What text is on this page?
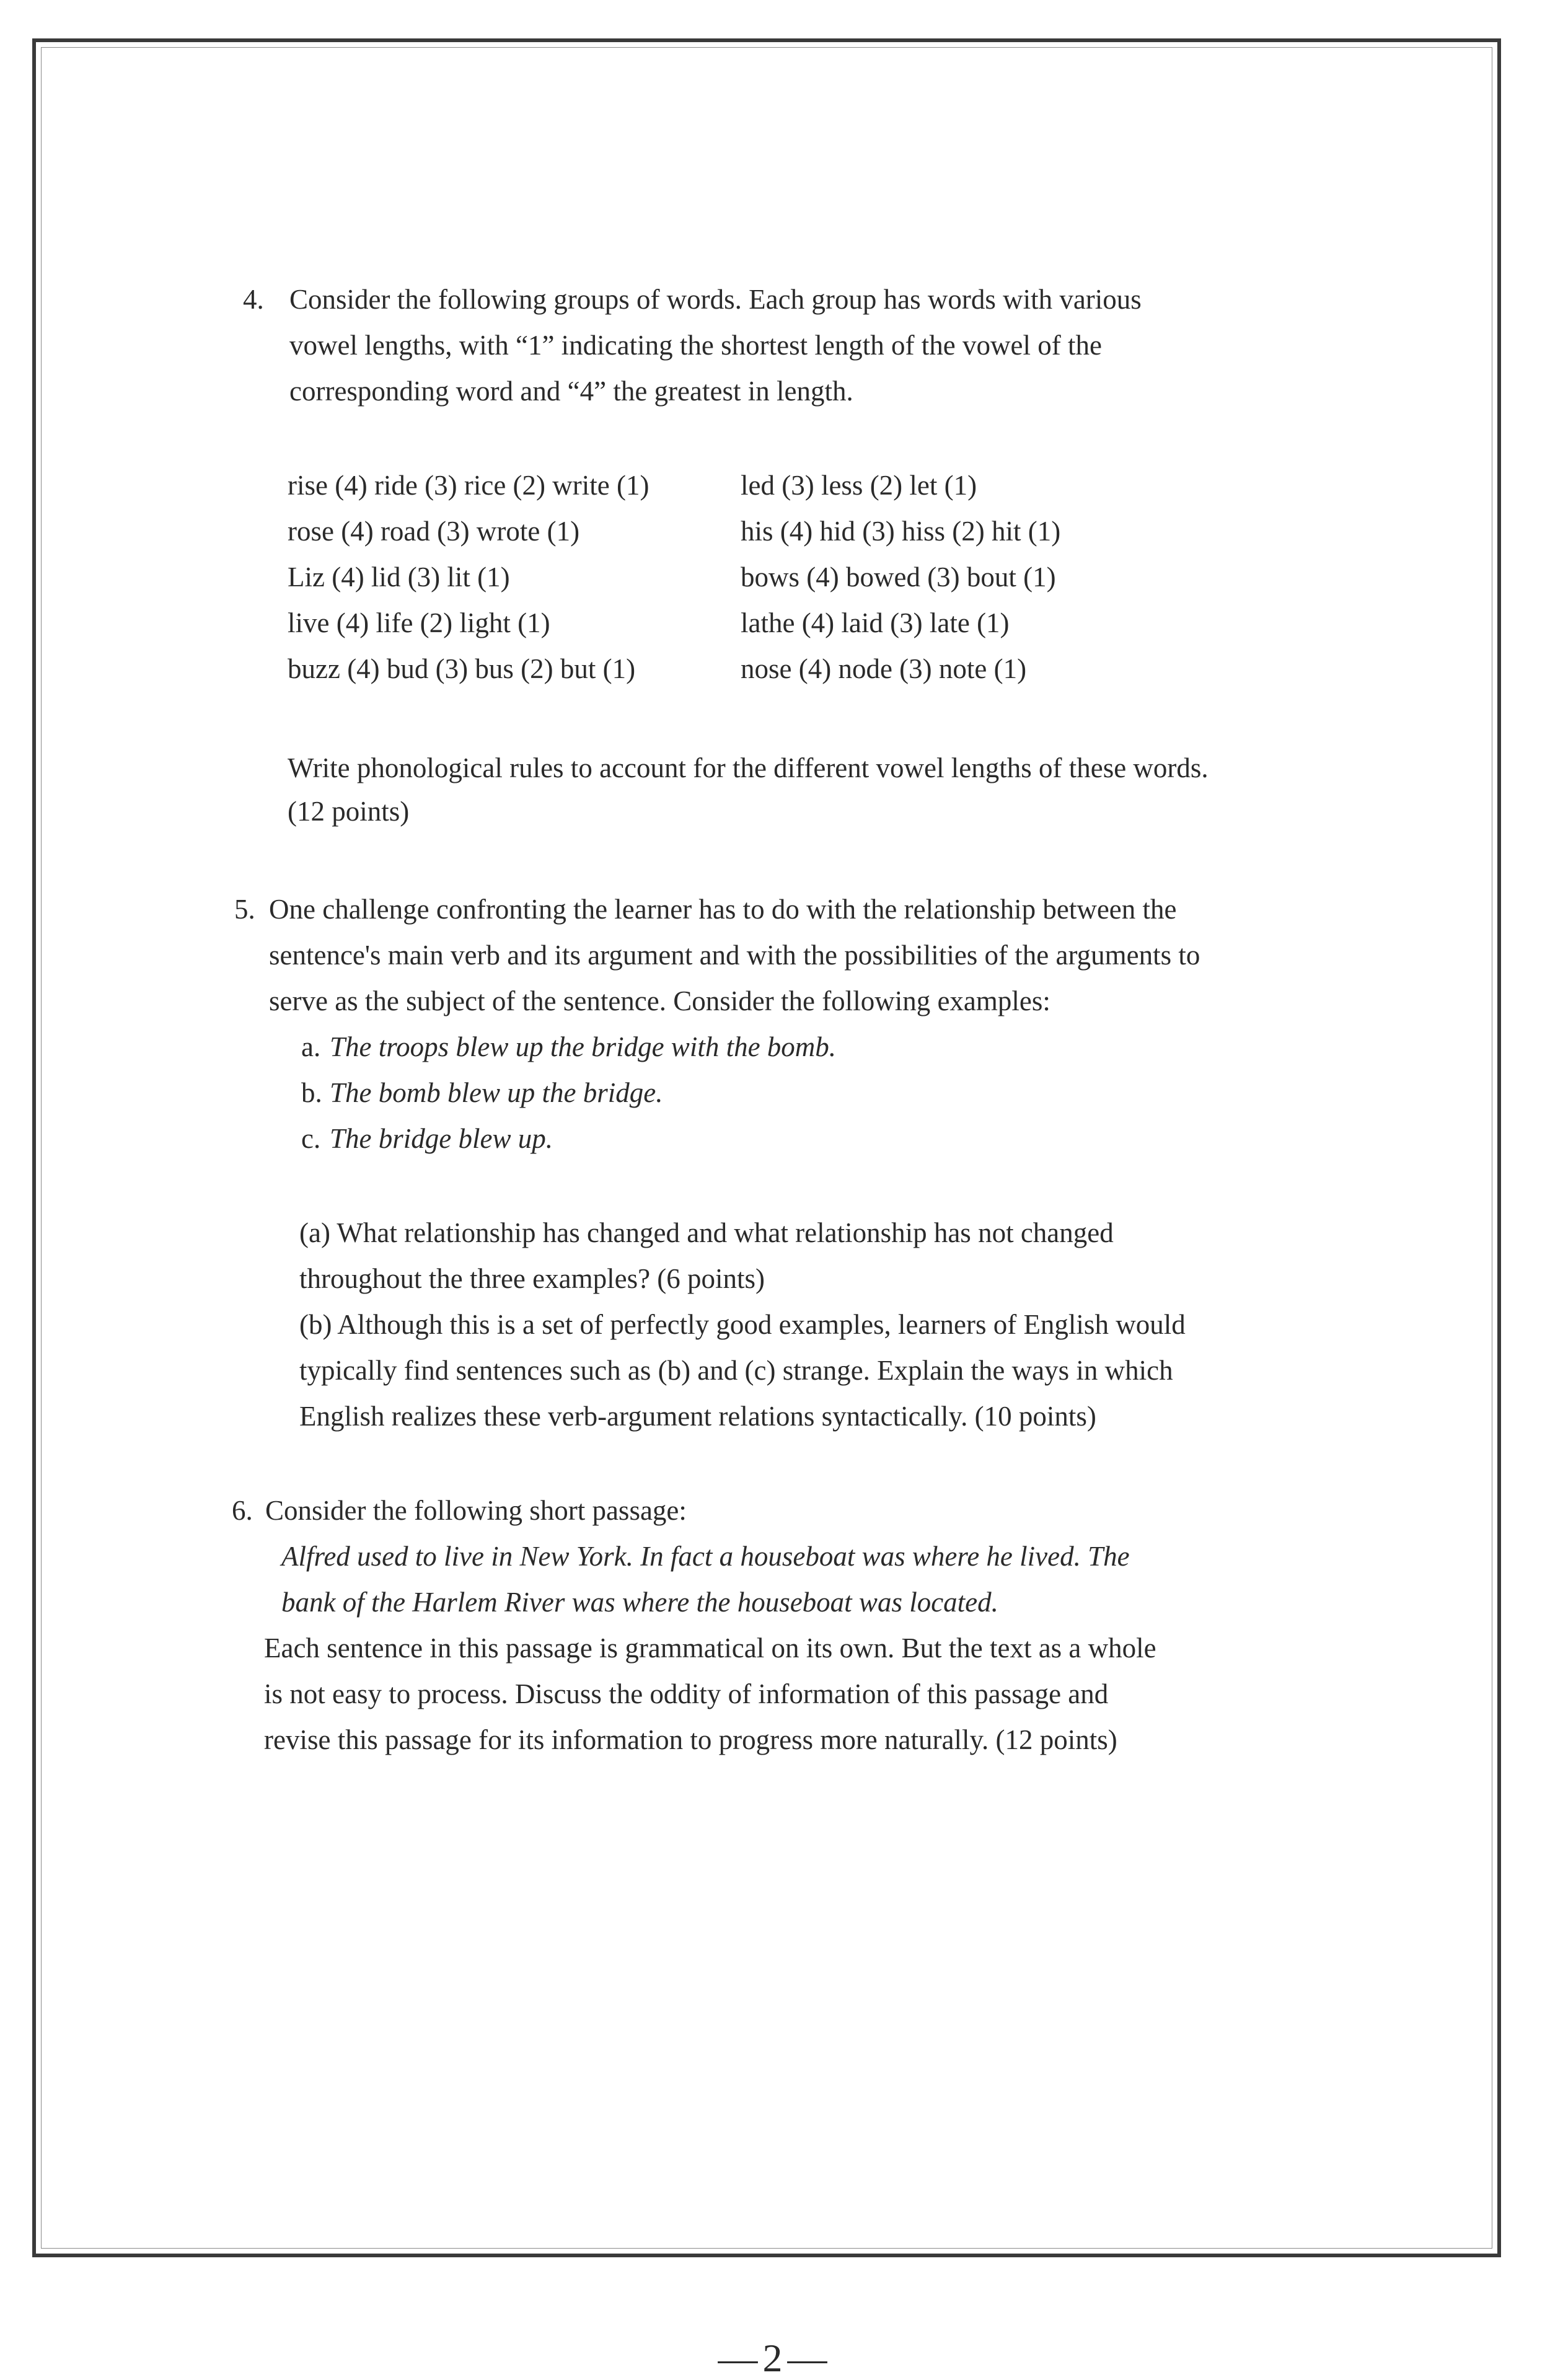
4. Consider the following groups of words. Each group has words with various
vowel lengths, with “1” indicating the shortest length of the vowel of the
corresponding word and “4” the greatest in length.
rise (4) ride (3) rice (2) write (1)
rose (4) road (3) wrote (1)
Liz (4) lid (3) lit (1)
live (4) life (2) light (1)
buzz (4) bud (3) bus (2) but (1)
led (3) less (2) let (1)
his (4) hid (3) hiss (2) hit (1)
bows (4) bowed (3) bout (1)
lathe (4) laid (3) late (1)
nose (4) node (3) note (1)
Write phonological rules to account for the different vowel lengths of these words.
(12 points)
5. One challenge confronting the learner has to do with the relationship between the
sentence's main verb and its argument and with the possibilities of the arguments to
serve as the subject of the sentence. Consider the following examples:
a. The troops blew up the bridge with the bomb.
b. The bomb blew up the bridge.
c. The bridge blew up.
(a) What relationship has changed and what relationship has not changed
throughout the three examples? (6 points)
(b) Although this is a set of perfectly good examples, learners of English would
typically find sentences such as (b) and (c) strange. Explain the ways in which
English realizes these verb-argument relations syntactically. (10 points)
6. Consider the following short passage:
Alfred used to live in New York. In fact a houseboat was where he lived. The
bank of the Harlem River was where the houseboat was located.
Each sentence in this passage is grammatical on its own. But the text as a whole
is not easy to process. Discuss the oddity of information of this passage and
revise this passage for its information to progress more naturally. (12 points)
—2—
